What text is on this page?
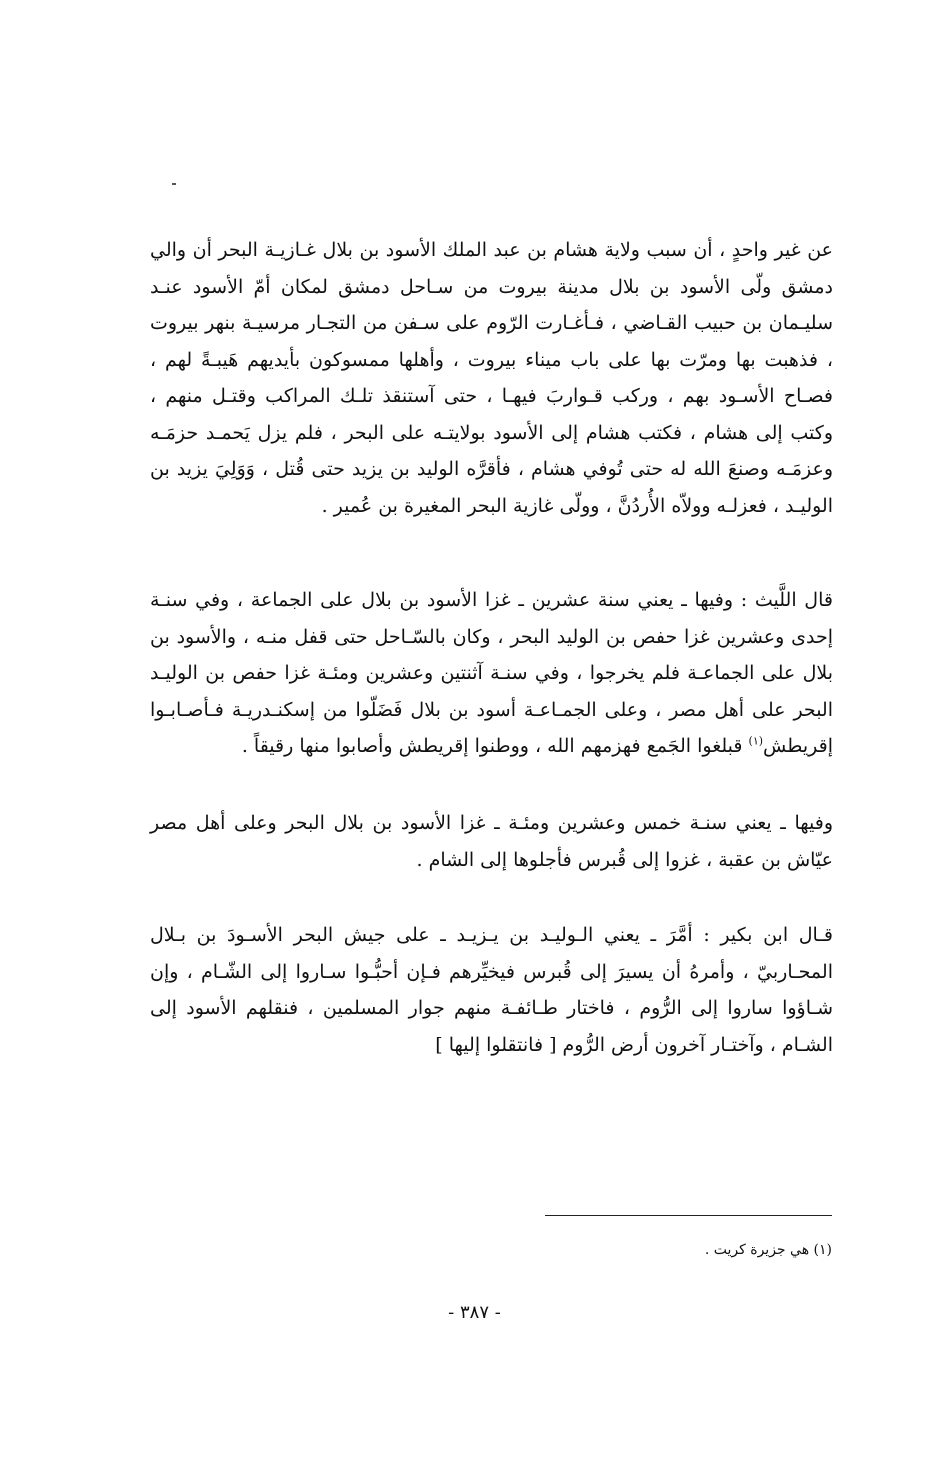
عن غير واحدٍ ، أن سبب ولاية هشام بن عبد الملك الأسود بن بلال غـازيـة البحر أن والي دمشق ولّى الأسود بن بلال مدينة بيروت من سـاحل دمشق لمكان أمّ الأسود عنـد سليـمان بن حبيب القـاضي ، فـأغـارت الرّوم على سـفن من التجـار مرسيـة بنهر بيروت ، فذهبت بها ومرّت بها على باب ميناء بيروت ، وأهلها ممسوكون بأيديهم هَيبـةً لهم ، فصـاح الأسـود بهم ، وركب قـواربَ فيهـا ، حتى آستنقذ تلـك المراكب وقتـل منهم ، وكتب إلى هشام ، فكتب هشام إلى الأسود بولايتـه على البحر ، فلم يزل يَحمـد حزمَـه وعزمَـه وصنعَ الله له حتى تُوفي هشام ، فأقرَّه الوليد بن يزيد حتى قُتل ، وَوَلِيَ يزيد بن الوليـد ، فعزلـه وولاّه الأُردُنَّ ، وولّى غازية البحر المغيرة بن عُمير .

قال اللَّيث : وفيها ـ يعني سنة عشرين ـ غزا الأسود بن بلال على الجماعة ، وفي سنـة إحدى وعشرين غزا حفص بن الوليد البحر ، وكان بالسّـاحل حتى قفل منـه ، والأسود بن بلال على الجماعـة فلم يخرجوا ، وفي سنـة آثنتين وعشرين ومئـة غزا حفص بن الوليـد البحر على أهل مصر ، وعلى الجمـاعـة أسود بن بلال فَضَلّوا من إسكنـدريـة فـأصـابـوا إقريطش$^{(١)}$ قبلغوا الجَمع فهزمهم الله ، ووطنوا إقريطش وأصابوا منها رقيقاً .

وفيها ـ يعني سنـة خمس وعشرين ومئـة ـ غزا الأسود بن بلال البحر وعلى أهل مصر عيّاش بن عقبة ، غزوا إلى قُبرس فأجلوها إلى الشام .

قـال ابن بكير : أمَّرَ ـ يعني الـوليـد بن يـزيـد ـ على جيش البحر الأسـودَ بن بـلال المحـاربيّ ، وأمرهُ أن يسيرَ إلى قُبرس فيخيِّرهم فـإن أحبُّـوا سـاروا إلى الشّـام ، وإن شـاؤوا ساروا إلى الرُّوم ، فاختار طـائفـة منهم جوار المسلمين ، فنقلهم الأسود إلى الشـام ، وآختـار آخرون أرض الرُّوم [ فانتقلوا إليها ]

(١) هي جزيرة كريت .
- ٣٨٧ -
